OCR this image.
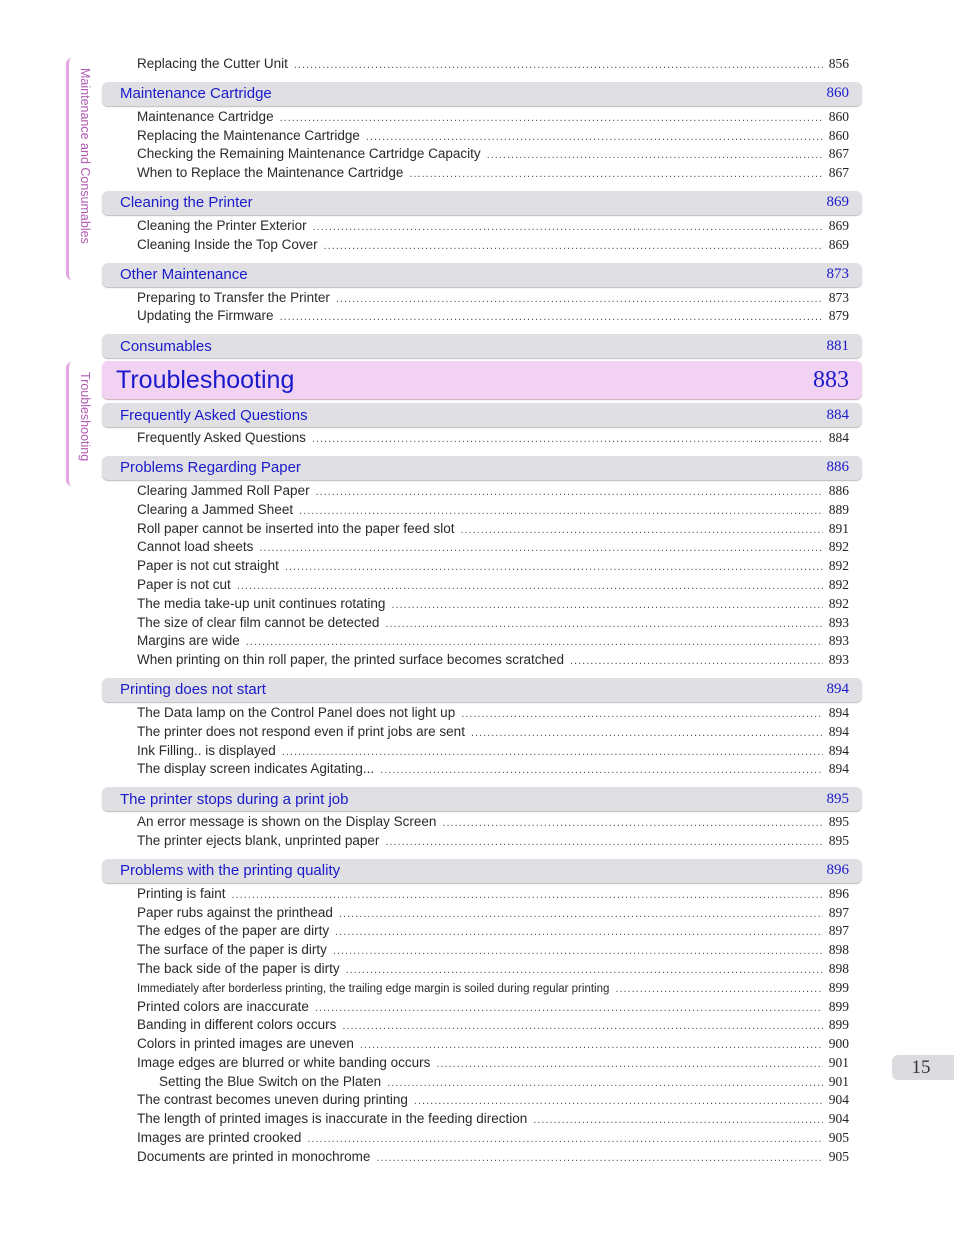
Maintenance and Consumables
Troubleshooting
Replacing the Cutter Unit .....	856
Maintenance Cartridge	860
Maintenance Cartridge .....	860
Replacing the Maintenance Cartridge .....	860
Checking the Remaining Maintenance Cartridge Capacity .....	867
When to Replace the Maintenance Cartridge .....	867
Cleaning the Printer	869
Cleaning the Printer Exterior .....	869
Cleaning Inside the Top Cover .....	869
Other Maintenance	873
Preparing to Transfer the Printer .....	873
Updating the Firmware .....	879
Consumables	881
Troubleshooting	883
Frequently Asked Questions	884
Frequently Asked Questions .....	884
Problems Regarding Paper	886
Clearing Jammed Roll Paper .....	886
Clearing a Jammed Sheet .....	889
Roll paper cannot be inserted into the paper feed slot .....	891
Cannot load sheets .....	892
Paper is not cut straight .....	892
Paper is not cut .....	892
The media take-up unit continues rotating .....	892
The size of clear film cannot be detected .....	893
Margins are wide .....	893
When printing on thin roll paper, the printed surface becomes scratched .....	893
Printing does not start	894
The Data lamp on the Control Panel does not light up .....	894
The printer does not respond even if print jobs are sent .....	894
Ink Filling.. is displayed .....	894
The display screen indicates Agitating... .....	894
The printer stops during a print job	895
An error message is shown on the Display Screen .....	895
The printer ejects blank, unprinted paper .....	895
Problems with the printing quality	896
Printing is faint .....	896
Paper rubs against the printhead .....	897
The edges of the paper are dirty .....	897
The surface of the paper is dirty .....	898
The back side of the paper is dirty .....	898
Immediately after borderless printing, the trailing edge margin is soiled during regular printing .....	899
Printed colors are inaccurate .....	899
Banding in different colors occurs .....	899
Colors in printed images are uneven .....	900
Image edges are blurred or white banding occurs .....	901
Setting the Blue Switch on the Platen .....	901
The contrast becomes uneven during printing .....	904
The length of printed images is inaccurate in the feeding direction .....	904
Images are printed crooked .....	905
Documents are printed in monochrome .....	905
15
